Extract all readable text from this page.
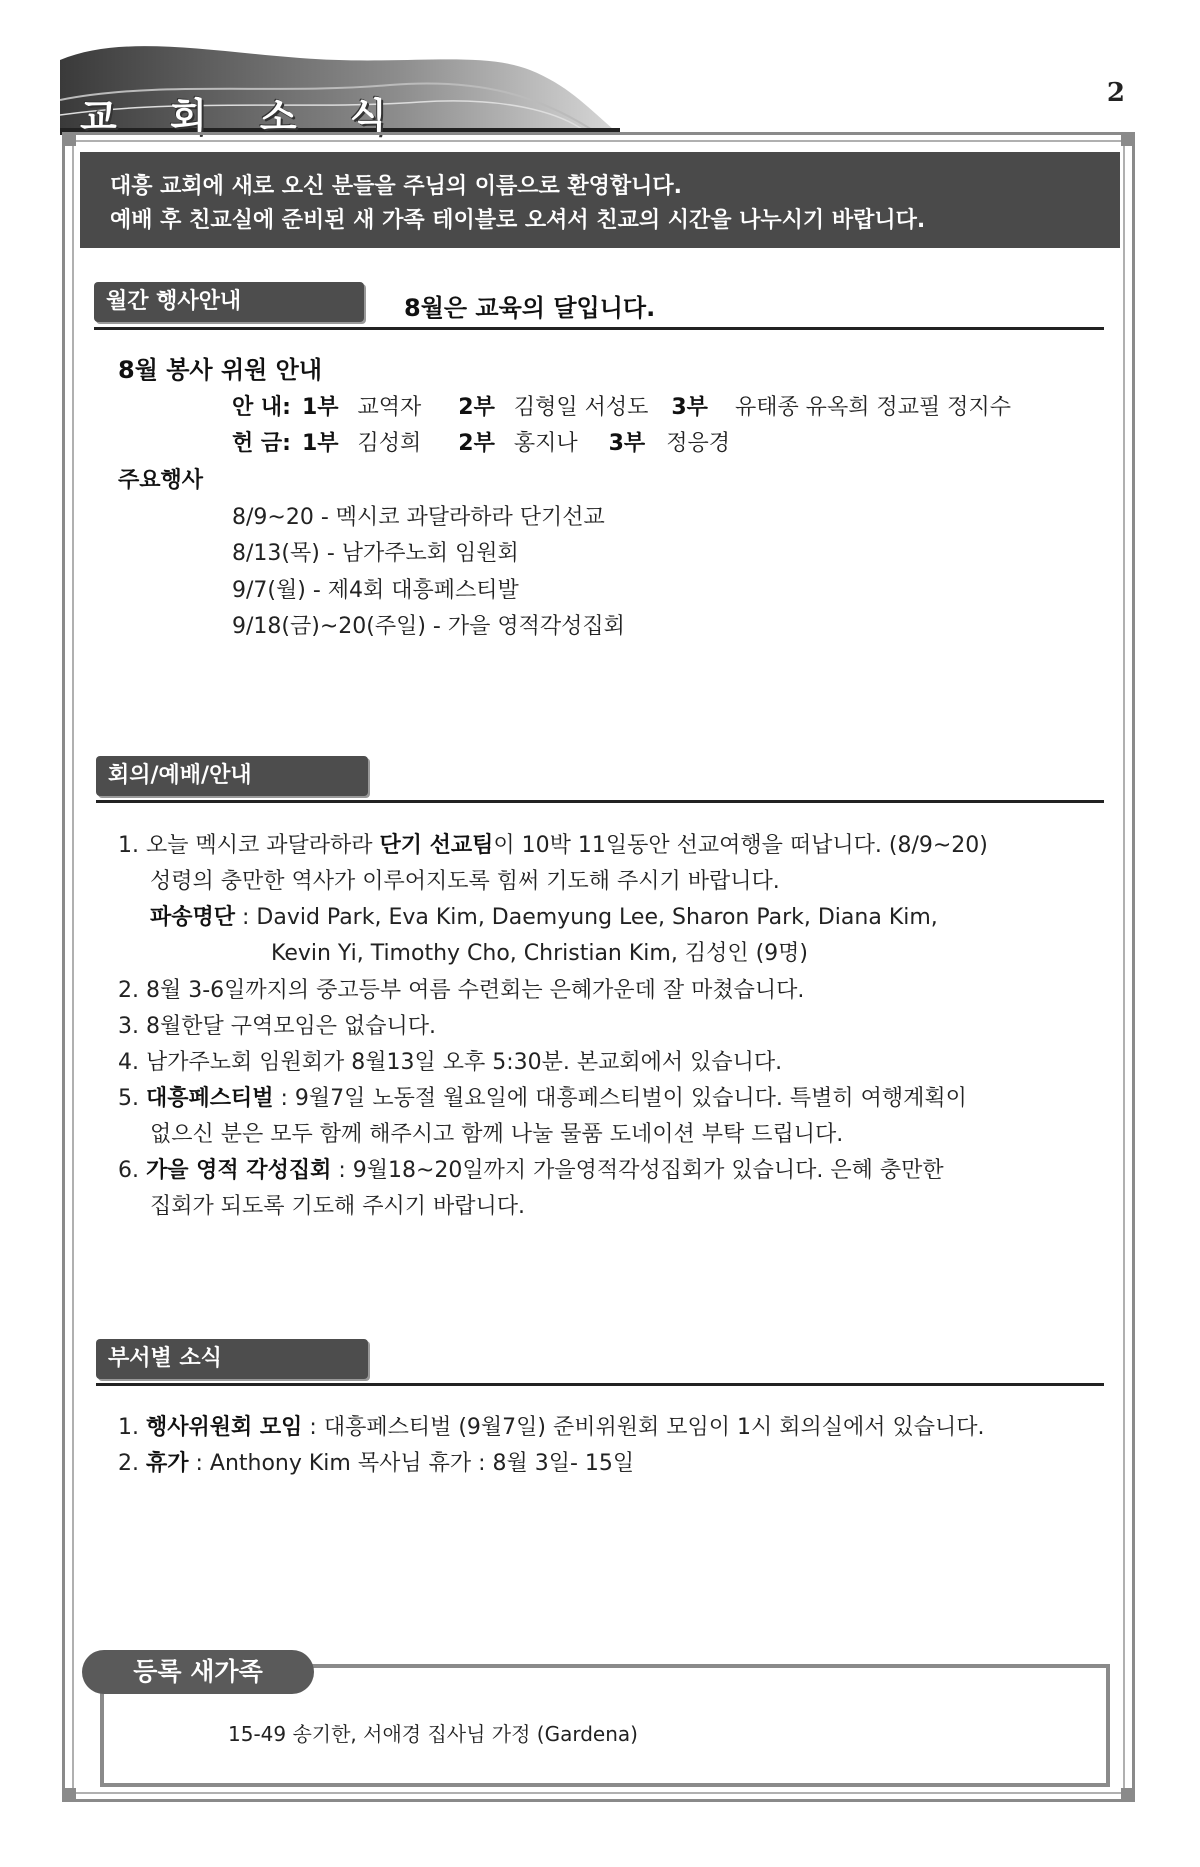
교 회 소 식
2
대흥 교회에 새로 오신 분들을 주님의 이름으로 환영합니다.
예배 후 친교실에 준비된 새 가족 테이블로 오셔서 친교의 시간을 나누시기 바랍니다.
월간 행사안내	8월은 교육의 달입니다.
8월 봉사 위원 안내
안 내: 1부 교역자 2부 김형일 서성도 3부 유태종 유옥희 정교필 정지수
헌 금: 1부 김성희 2부 홍지나 3부 정응경
주요행사
8/9~20 - 멕시코 과달라하라 단기선교
8/13(목) - 남가주노회 임원회
9/7(월) - 제4회 대흥페스티발
9/18(금)~20(주일) - 가을 영적각성집회
회의/예배/안내
1. 오늘 멕시코 과달라하라 단기 선교팀이 10박 11일동안 선교여행을 떠납니다. (8/9~20)
성령의 충만한 역사가 이루어지도록 힘써 기도해 주시기 바랍니다.
파송명단 : David Park, Eva Kim, Daemyung Lee, Sharon Park, Diana Kim,
Kevin Yi, Timothy Cho, Christian Kim, 김성인 (9명)
2. 8월 3-6일까지의 중고등부 여름 수련회는 은혜가운데 잘 마쳤습니다.
3. 8월한달 구역모임은 없습니다.
4. 남가주노회 임원회가 8월13일 오후 5:30분. 본교회에서 있습니다.
5. 대흥페스티벌 : 9월7일 노동절 월요일에 대흥페스티벌이 있습니다. 특별히 여행계획이
없으신 분은 모두 함께 해주시고 함께 나눌 물품 도네이션 부탁 드립니다.
6. 가을 영적 각성집회 : 9월18~20일까지 가을영적각성집회가 있습니다. 은혜 충만한
집회가 되도록 기도해 주시기 바랍니다.
부서별 소식
1. 행사위원회 모임 : 대흥페스티벌 (9월7일) 준비위원회 모임이 1시 회의실에서 있습니다.
2. 휴가 : Anthony Kim 목사님 휴가 : 8월 3일- 15일
등록 새가족
15-49 송기한, 서애경 집사님 가정 (Gardena)
